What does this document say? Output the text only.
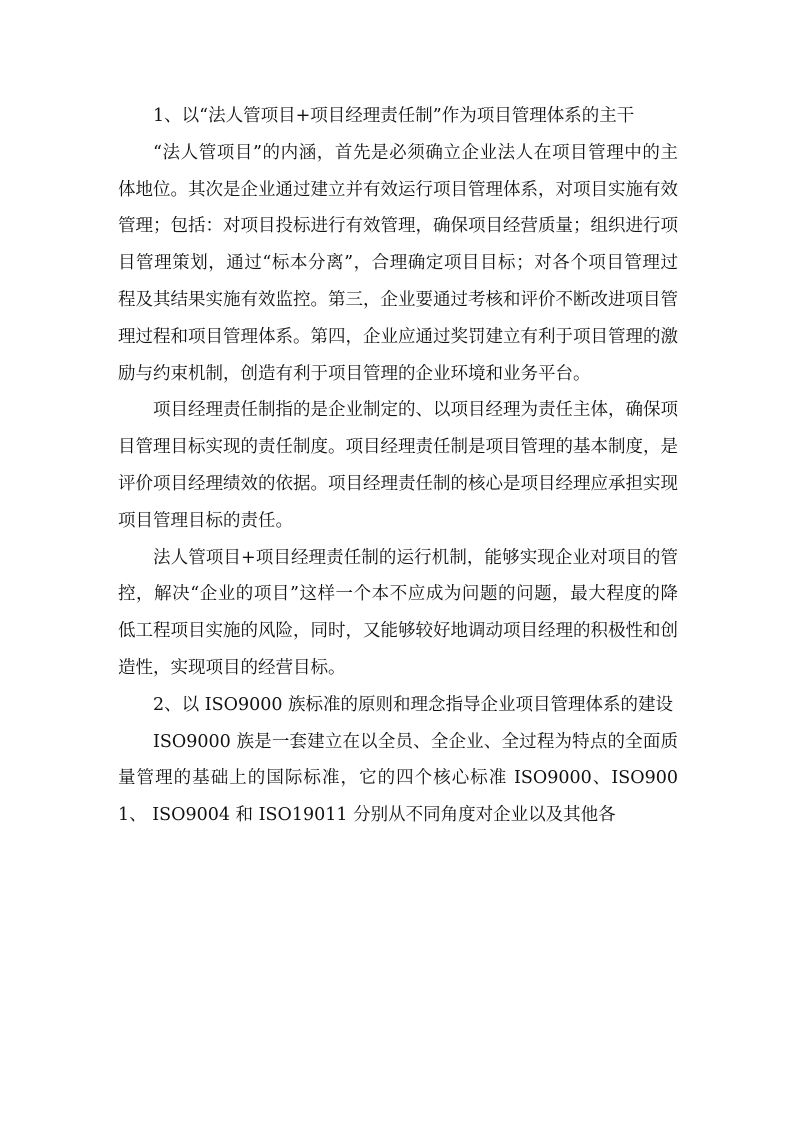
1、以“法人管项目+项目经理责任制”作为项目管理体系的主干

“法人管项目”的内涵，首先是必须确立企业法人在项目管理中的主体地位。其次是企业通过建立并有效运行项目管理体系，对项目实施有效管理；包括：对项目投标进行有效管理，确保项目经营质量；组织进行项目管理策划，通过“标本分离”，合理确定项目目标；对各个项目管理过程及其结果实施有效监控。第三，企业要通过考核和评价不断改进项目管理过程和项目管理体系。第四，企业应通过奖罚建立有利于项目管理的激励与约束机制，创造有利于项目管理的企业环境和业务平台。

项目经理责任制指的是企业制定的、以项目经理为责任主体，确保项目管理目标实现的责任制度。项目经理责任制是项目管理的基本制度，是评价项目经理绩效的依据。项目经理责任制的核心是项目经理应承担实现项目管理目标的责任。

法人管项目+项目经理责任制的运行机制，能够实现企业对项目的管控，解决“企业的项目”这样一个本不应成为问题的问题，最大程度的降低工程项目实施的风险，同时，又能够较好地调动项目经理的积极性和创造性，实现项目的经营目标。

2、以 ISO9000 族标准的原则和理念指导企业项目管理体系的建设

ISO9000 族是一套建立在以全员、全企业、全过程为特点的全面质量管理的基础上的国际标准，它的四个核心标准 ISO9000、ISO9001、 ISO9004 和 ISO19011 分别从不同角度对企业以及其他各
